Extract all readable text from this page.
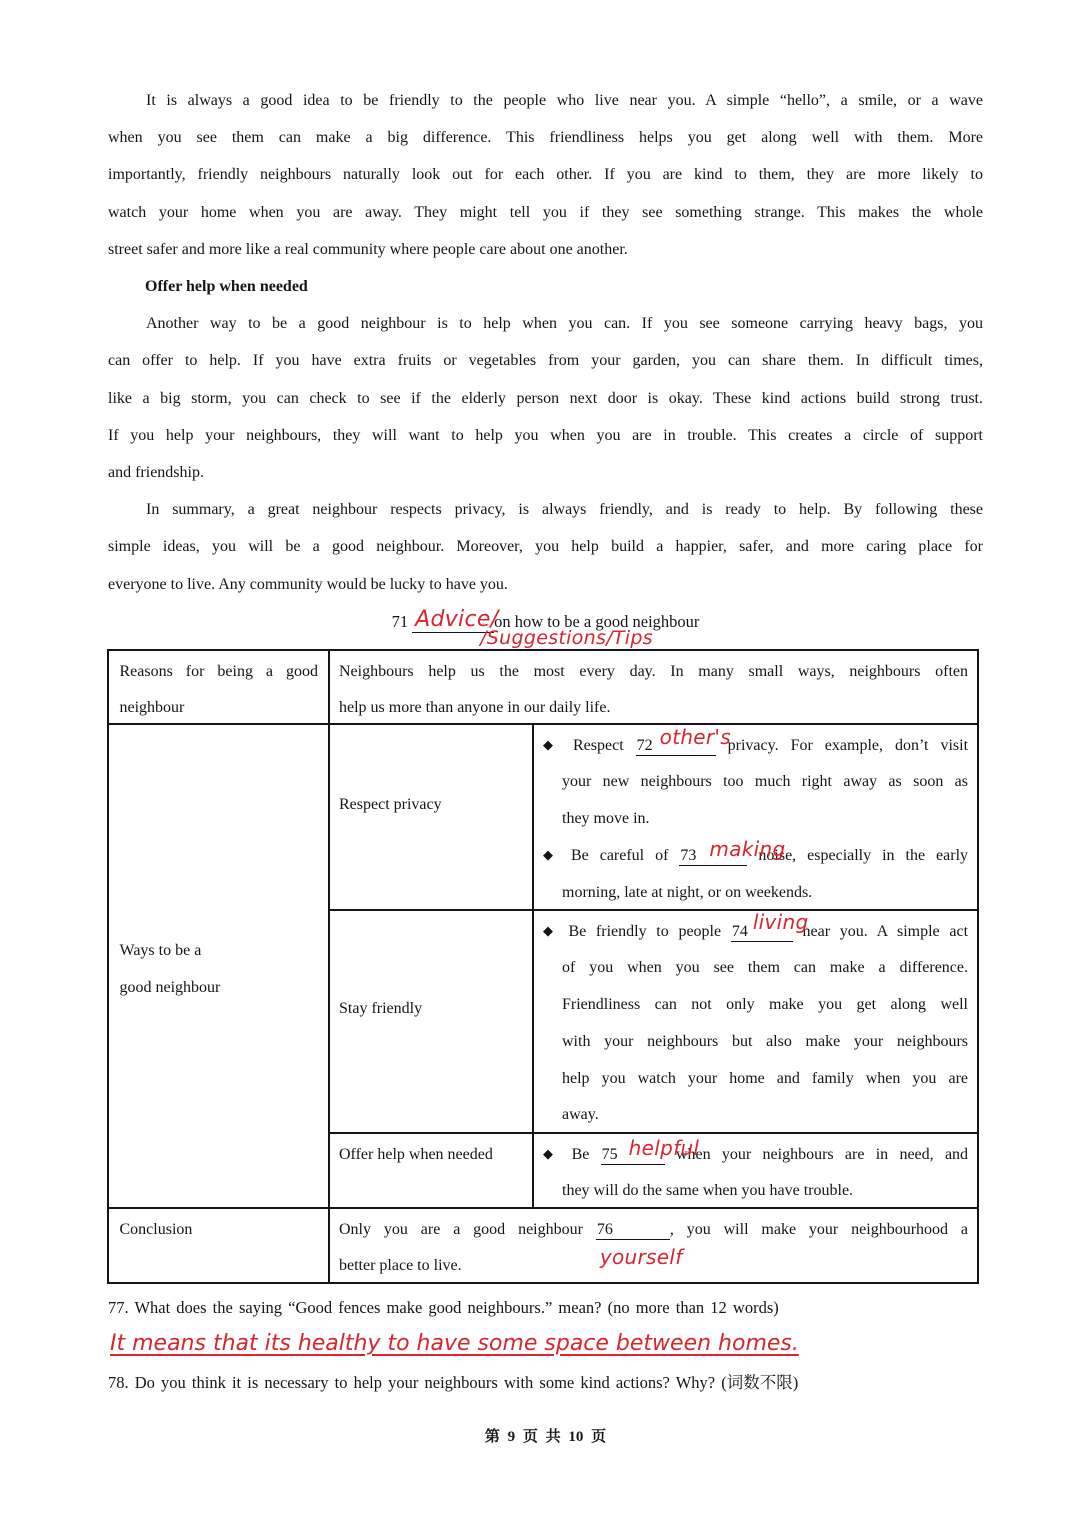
It is always a good idea to be friendly to the people who live near you. A simple “hello”, a smile, or a wave
when you see them can make a big difference. This friendliness helps you get along well with them. More
importantly, friendly neighbours naturally look out for each other. If you are kind to them, they are more likely to
watch your home when you are away. They might tell you if they see something strange. This makes the whole
street safer and more like a real community where people care about one another.
Offer help when needed
Another way to be a good neighbour is to help when you can. If you see someone carrying heavy bags, you
can offer to help. If you have extra fruits or vegetables from your garden, you can share them. In difficult times,
like a big storm, you can check to see if the elderly person next door is okay. These kind actions build strong trust.
If you help your neighbours, they will want to help you when you are in trouble. This creates a circle of support
and friendship.
In summary, a great neighbour respects privacy, is always friendly, and is ready to help. By following these
simple ideas, you will be a good neighbour. Moreover, you help build a happier, safer, and more caring place for
everyone to live. Any community would be lucky to have you.
71 Advice/
/Suggestions/Tips
on how to be a good neighbour
Reasons for being a good
neighbour
Neighbours help us the most every day. In many small ways, neighbours often
help us more than anyone in our daily life.
Ways to be a
good neighbour
Respect privacy
◆ Respect 72 other's
privacy. For example, don’t visit
your new neighbours too much right away as soon as
they move in.
◆ Be careful of 73 making
noise, especially in the early
morning, late at night, or on weekends.
Stay friendly
◆ Be friendly to people 74 living
near you. A simple act
of you when you see them can make a difference.
Friendliness can not only make you get along well
with your neighbours but also make your neighbours
help you watch your home and family when you are
away.
Offer help when needed	◆ Be 75 helpful
when your neighbours are in need, and
they will do the same when you have trouble.
Conclusion	Only you are a good neighbour 76
yourself
, you will make your neighbourhood a
better place to live.
77. What does the saying “Good fences make good neighbours.” mean? (no more than 12 words)
It means that its healthy to have some space between homes.
78. Do you think it is necessary to help your neighbours with some kind actions? Why? (词数不限)
第 9 页 共 10 页
